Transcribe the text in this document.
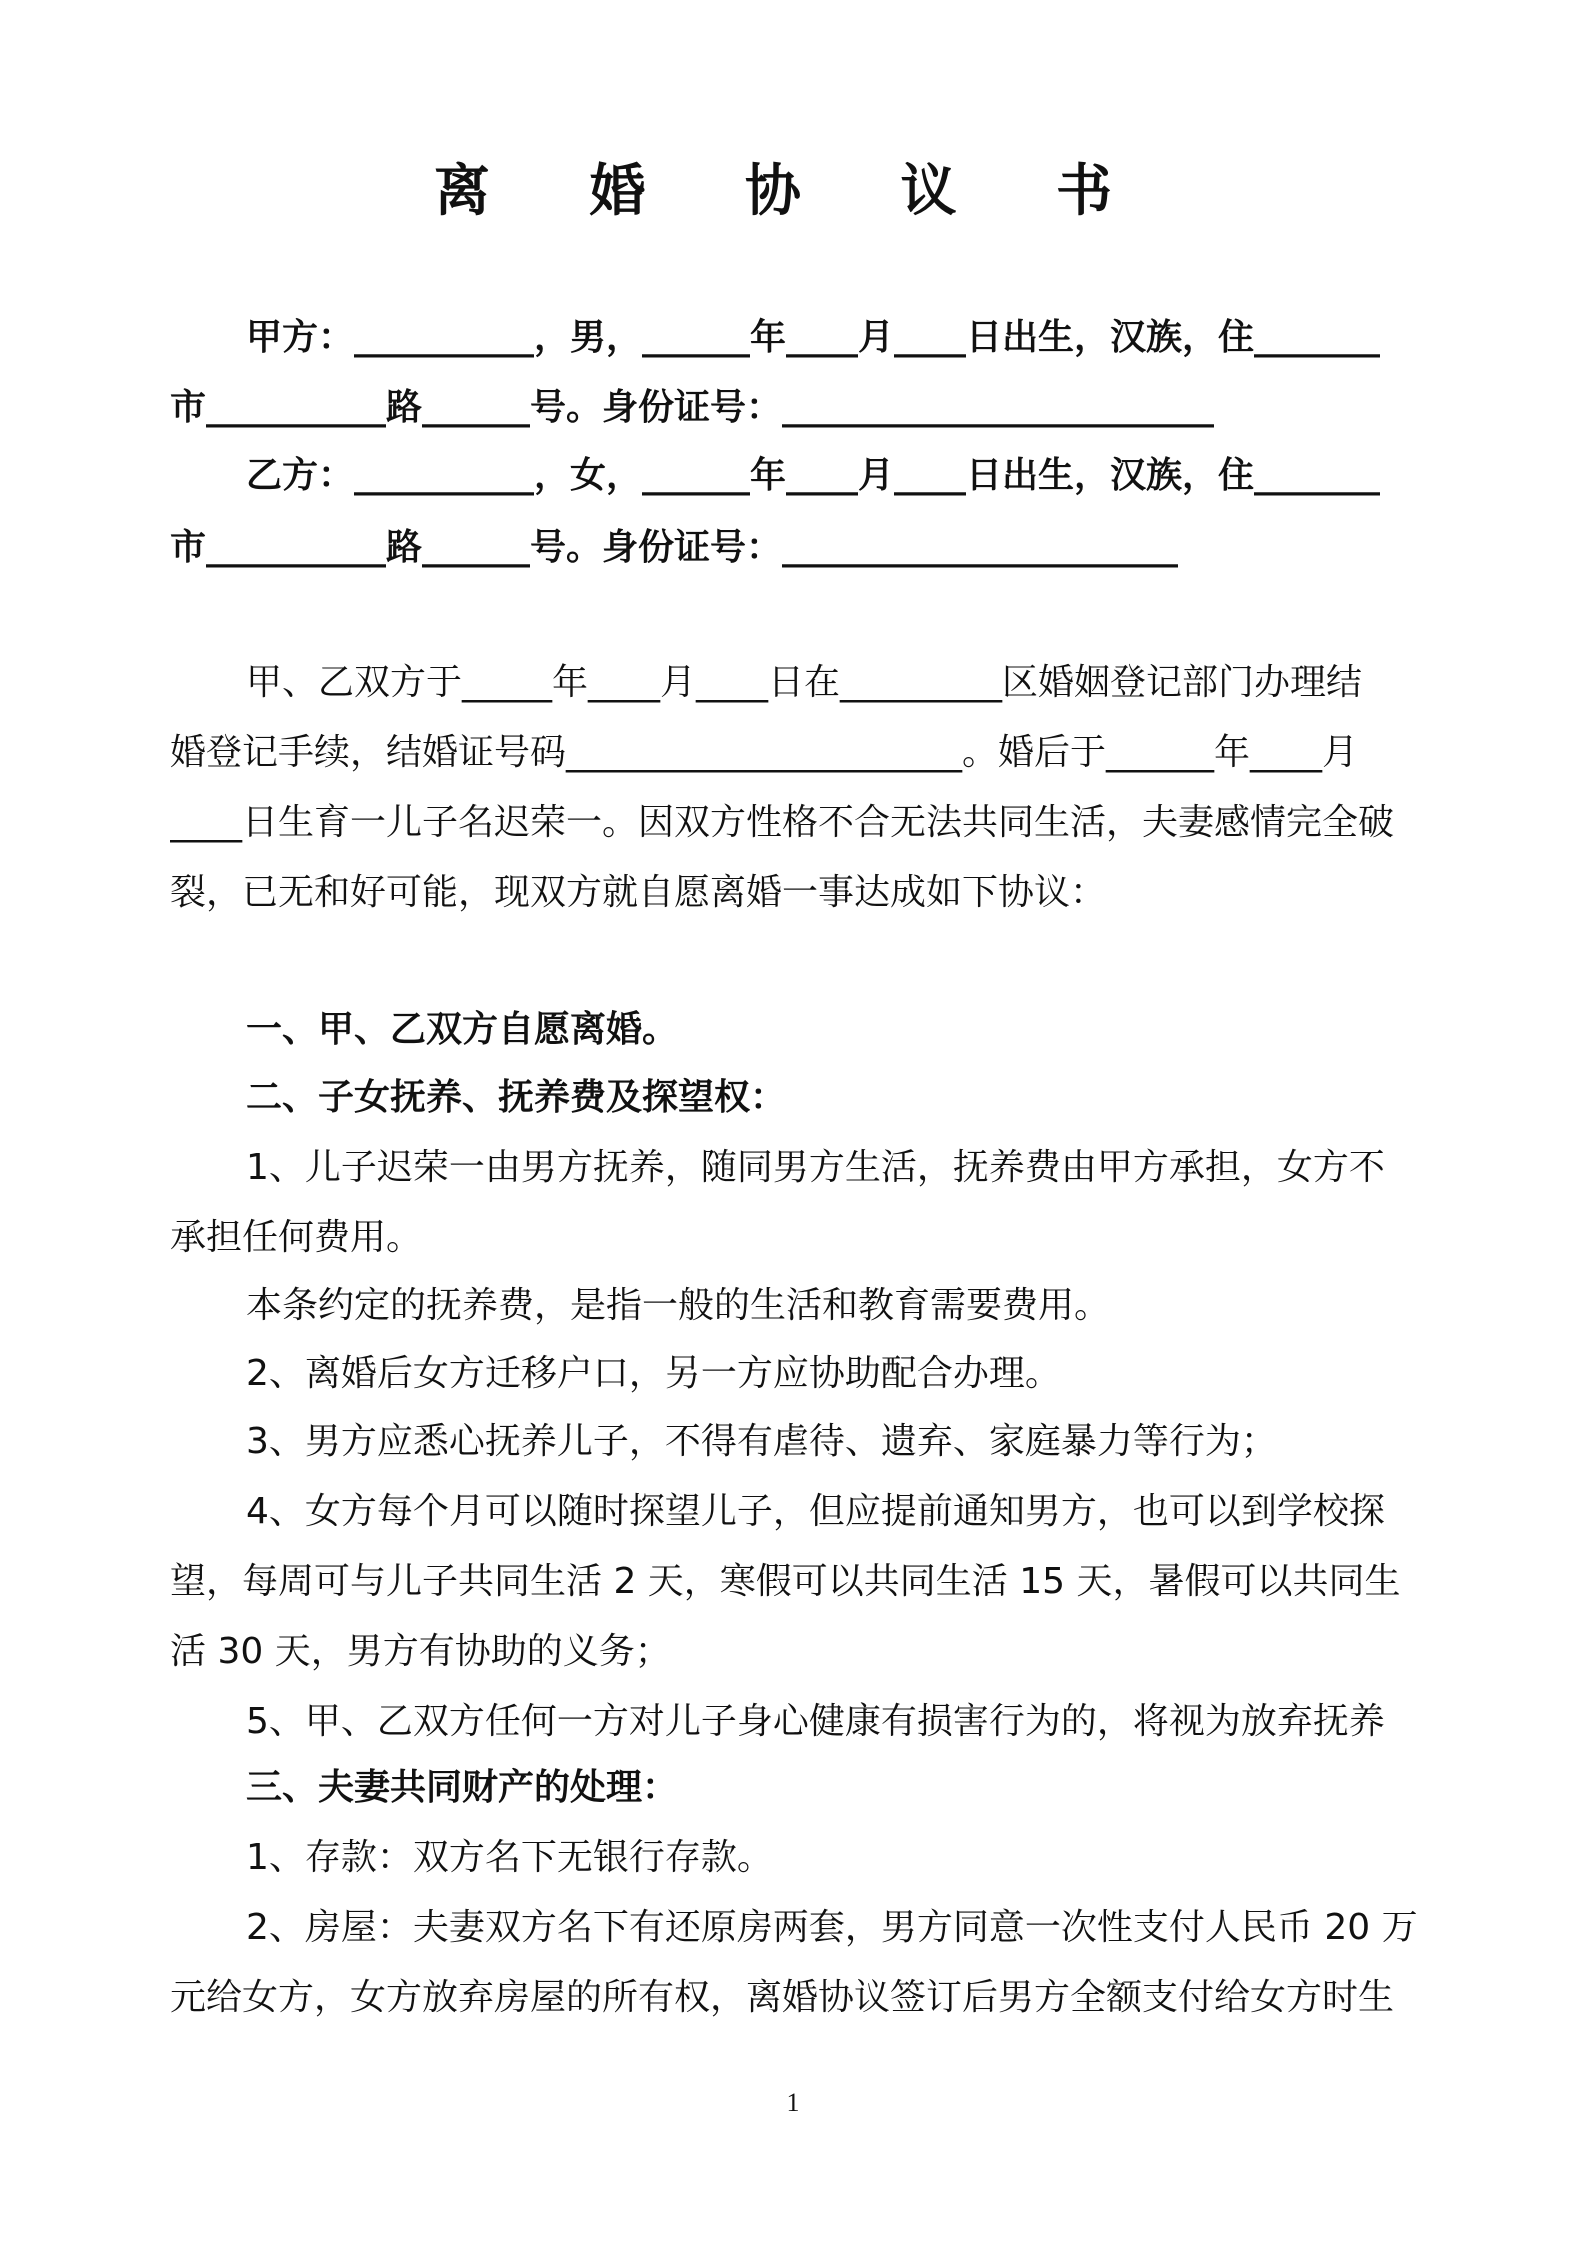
离 婚 协 议 书
甲方：__________，男，______年____月____日出生，汉族，住_______
市__________路______号。身份证号：________________________
乙方：__________，女，______年____月____日出生，汉族，住_______
市__________路______号。身份证号：______________________
甲、乙双方于_____年____月____日在_________区婚姻登记部门办理结
婚登记手续，结婚证号码______________________。婚后于______年____月
____日生育一儿子名迟荣一。因双方性格不合无法共同生活，夫妻感情完全破
裂，已无和好可能，现双方就自愿离婚一事达成如下协议：
一、甲、乙双方自愿离婚。
二、子女抚养、抚养费及探望权：
1、儿子迟荣一由男方抚养，随同男方生活，抚养费由甲方承担，女方不
承担任何费用。
本条约定的抚养费，是指一般的生活和教育需要费用。
2、离婚后女方迁移户口，另一方应协助配合办理。
3、男方应悉心抚养儿子，不得有虐待、遗弃、家庭暴力等行为；
4、女方每个月可以随时探望儿子，但应提前通知男方，也可以到学校探
望，每周可与儿子共同生活 2 天，寒假可以共同生活 15 天，暑假可以共同生
活 30 天，男方有协助的义务；
5、甲、乙双方任何一方对儿子身心健康有损害行为的，将视为放弃抚养
三、夫妻共同财产的处理：
1、存款：双方名下无银行存款。
2、房屋：夫妻双方名下有还原房两套，男方同意一次性支付人民币 20 万
元给女方，女方放弃房屋的所有权，离婚协议签订后男方全额支付给女方时生
1
